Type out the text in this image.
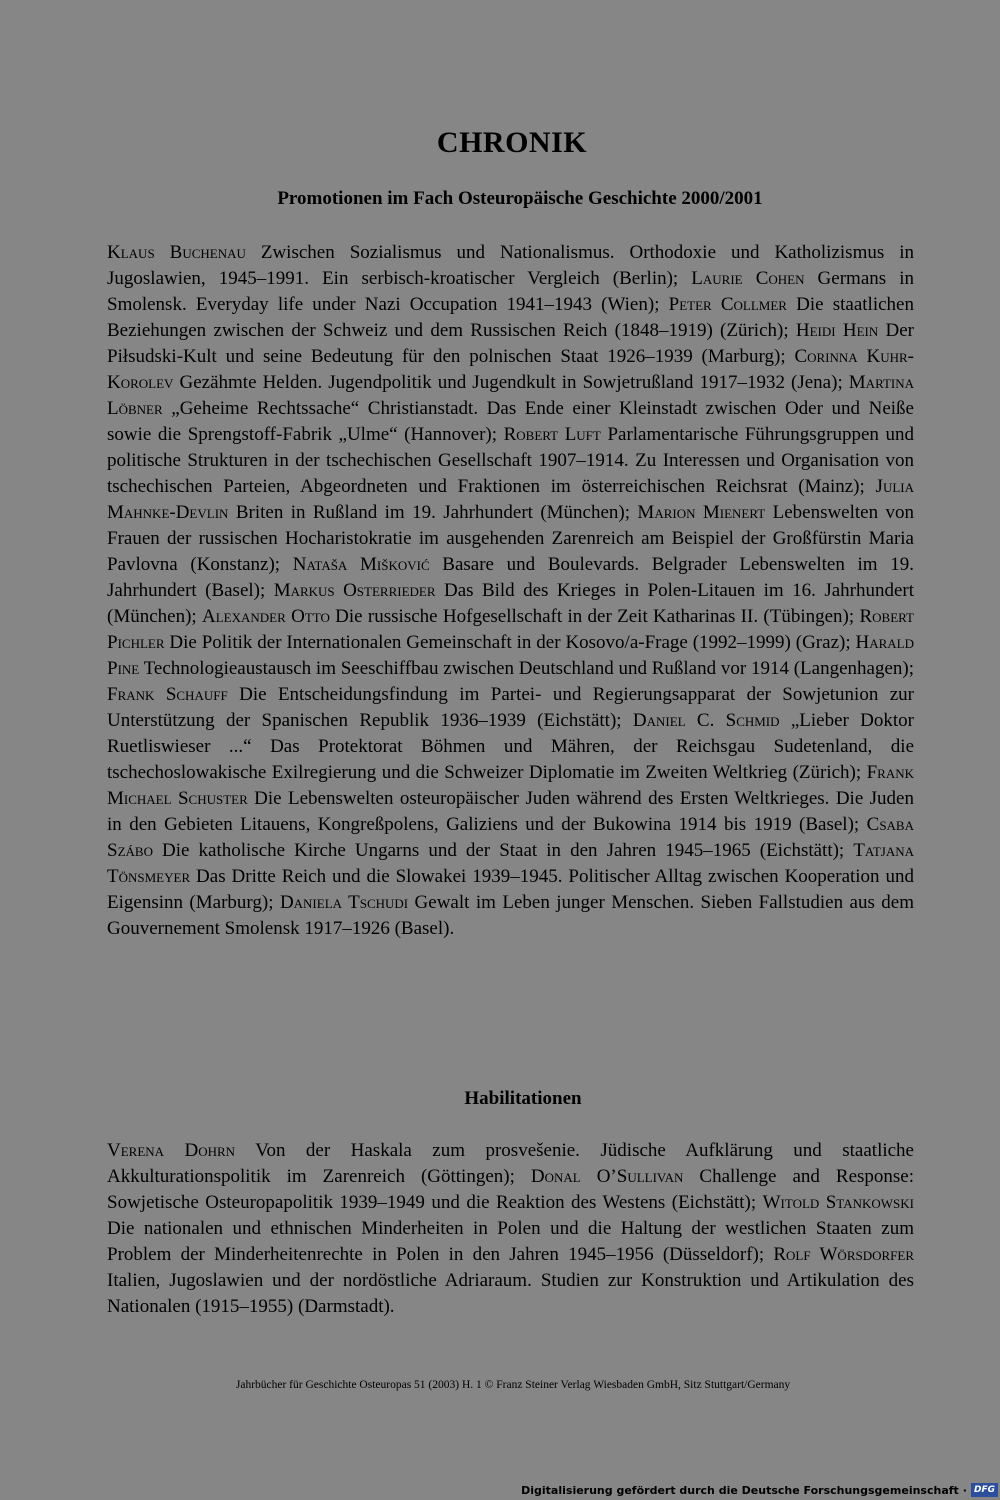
CHRONIK
Promotionen im Fach Osteuropäische Geschichte 2000/2001
Klaus Buchenau Zwischen Sozialismus und Nationalismus. Orthodoxie und Katholizismus in Jugoslawien, 1945–1991. Ein serbisch-kroatischer Vergleich (Berlin); Laurie Cohen Germans in Smolensk. Everyday life under Nazi Occupation 1941–1943 (Wien); Peter Collmer Die staatlichen Beziehungen zwischen der Schweiz und dem Russischen Reich (1848–1919) (Zürich); Heidi Hein Der Piłsudski-Kult und seine Bedeutung für den polnischen Staat 1926–1939 (Marburg); Corinna Kuhr-Korolev Gezähmte Helden. Jugendpolitik und Jugendkult in Sowjetrußland 1917–1932 (Jena); Martina Löbner „Geheime Rechtssache“ Christianstadt. Das Ende einer Kleinstadt zwischen Oder und Neiße sowie die Sprengstoff-Fabrik „Ulme“ (Hannover); Robert Luft Parlamentarische Führungsgruppen und politische Strukturen in der tschechischen Gesellschaft 1907–1914. Zu Interessen und Organisation von tschechischen Parteien, Abgeordneten und Fraktionen im österreichischen Reichsrat (Mainz); Julia Mahnke-Devlin Briten in Rußland im 19. Jahrhundert (München); Marion Mienert Lebenswelten von Frauen der russischen Hocharistokratie im ausgehenden Zarenreich am Beispiel der Großfürstin Maria Pavlovna (Konstanz); Nataša Mišković Basare und Boulevards. Belgrader Lebenswelten im 19. Jahrhundert (Basel); Markus Osterrieder Das Bild des Krieges in Polen-Litauen im 16. Jahrhundert (München); Alexander Otto Die russische Hofgesellschaft in der Zeit Katharinas II. (Tübingen); Robert Pichler Die Politik der Internationalen Gemeinschaft in der Kosovo/a-Frage (1992–1999) (Graz); Harald Pine Technologieaustausch im Seeschiffbau zwischen Deutschland und Rußland vor 1914 (Langenhagen); Frank Schauff Die Entscheidungsfindung im Partei- und Regierungsapparat der Sowjetunion zur Unterstützung der Spanischen Republik 1936–1939 (Eichstätt); Daniel C. Schmid „Lieber Doktor Ruetliswieser ...“ Das Protektorat Böhmen und Mähren, der Reichsgau Sudetenland, die tschechoslowakische Exilregierung und die Schweizer Diplomatie im Zweiten Weltkrieg (Zürich); Frank Michael Schuster Die Lebenswelten osteuropäischer Juden während des Ersten Weltkrieges. Die Juden in den Gebieten Litauens, Kongreßpolens, Galiziens und der Bukowina 1914 bis 1919 (Basel); Csaba Szábo Die katholische Kirche Ungarns und der Staat in den Jahren 1945–1965 (Eichstätt); Tatjana Tönsmeyer Das Dritte Reich und die Slowakei 1939–1945. Politischer Alltag zwischen Kooperation und Eigensinn (Marburg); Daniela Tschudi Gewalt im Leben junger Menschen. Sieben Fallstudien aus dem Gouvernement Smolensk 1917–1926 (Basel).
Habilitationen
Verena Dohrn Von der Haskala zum prosvešenie. Jüdische Aufklärung und staatliche Akkulturationspolitik im Zarenreich (Göttingen); Donal O’Sullivan Challenge and Response: Sowjetische Osteuropapolitik 1939–1949 und die Reaktion des Westens (Eichstätt); Witold Stankowski Die nationalen und ethnischen Minderheiten in Polen und die Haltung der westlichen Staaten zum Problem der Minderheitenrechte in Polen in den Jahren 1945–1956 (Düsseldorf); Rolf Wörsdorfer Italien, Jugoslawien und der nordöstliche Adriaraum. Studien zur Konstruktion und Artikulation des Nationalen (1915–1955) (Darmstadt).
Jahrbücher für Geschichte Osteuropas 51 (2003) H. 1 © Franz Steiner Verlag Wiesbaden GmbH, Sitz Stuttgart/Germany
Digitalisierung gefördert durch die Deutsche Forschungsgemeinschaft · DFG
